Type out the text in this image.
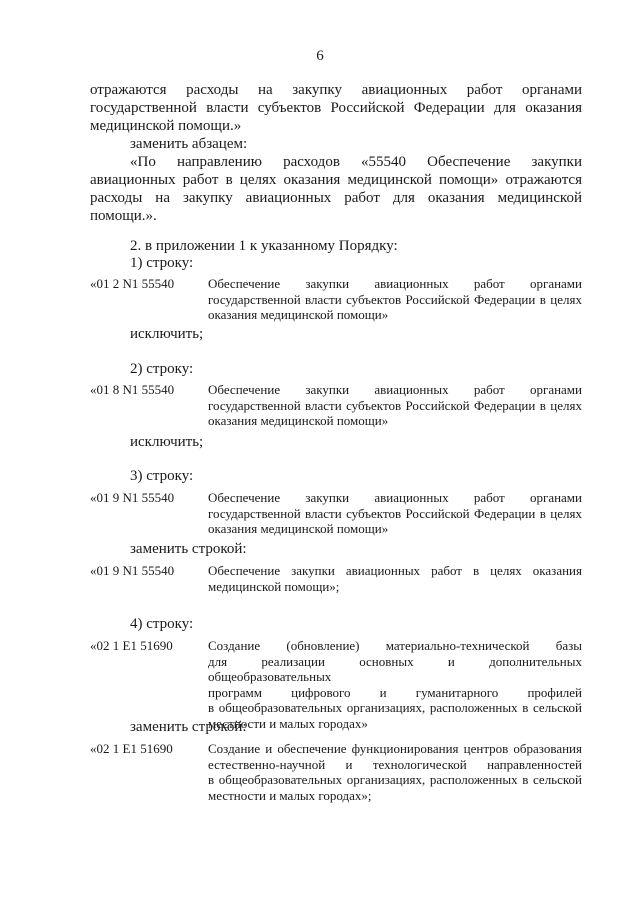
6
отражаются расходы на закупку авиационных работ органами
государственной власти субъектов Российской Федерации для оказания
медицинской помощи.»
заменить абзацем:
«По направлению расходов «55540 Обеспечение закупки
авиационных работ в целях оказания медицинской помощи» отражаются
расходы на закупку авиационных работ для оказания медицинской
помощи.».
2. в приложении 1 к указанному Порядку:
1) строку:
«01 2 N1 55540	Обеспечение закупки авиационных работ органами
государственной власти субъектов Российской Федерации в целях
оказания медицинской помощи»
исключить;
2) строку:
«01 8 N1 55540	Обеспечение закупки авиационных работ органами
государственной власти субъектов Российской Федерации в целях
оказания медицинской помощи»
исключить;
3) строку:
«01 9 N1 55540	Обеспечение закупки авиационных работ органами
государственной власти субъектов Российской Федерации в целях
оказания медицинской помощи»
заменить строкой:
«01 9 N1 55540	Обеспечение закупки авиационных работ в целях оказания
медицинской помощи»;
4) строку:
«02 1 E1 51690	Создание (обновление) материально-технической базы
для реализации основных и дополнительных общеобразовательных
программ цифрового и гуманитарного профилей
в общеобразовательных организациях, расположенных в сельской
местности и малых городах»
заменить строкой:
«02 1 E1 51690	Создание и обеспечение функционирования центров образования
естественно-научной и технологической направленностей
в общеобразовательных организациях, расположенных в сельской
местности и малых городах»;
